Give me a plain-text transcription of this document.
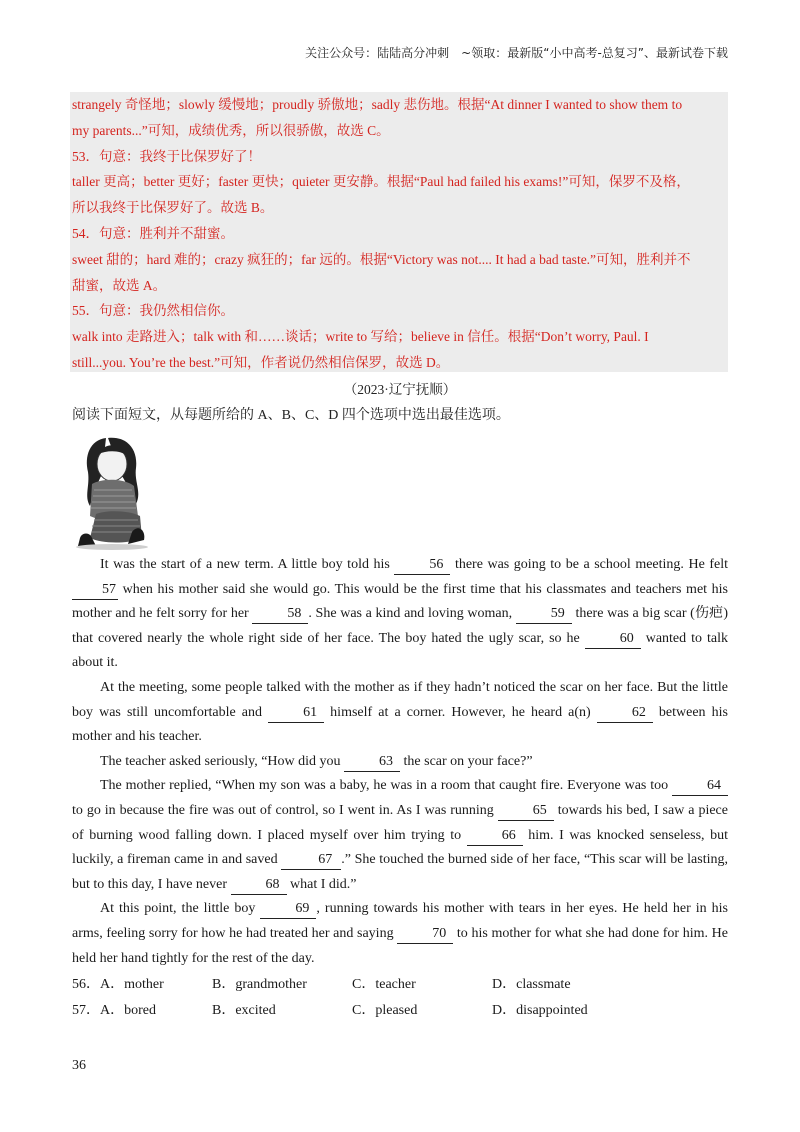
关注公众号：陆陆高分冲刺　~领取：最新版“小中高考-总复习”、最新试卷下载
strangely 奇怪地；slowly 缓慢地；proudly 骄傲地；sadly 悲伤地。根据“At dinner I wanted to show them to
my parents...”可知，成绩优秀，所以很骄傲，故选 C。
53．句意：我终于比保罗好了！
taller 更高；better 更好；faster 更快；quieter 更安静。根据“Paul had failed his exams!”可知，保罗不及格，
所以我终于比保罗好了。故选 B。
54．句意：胜利并不甜蜜。
sweet 甜的；hard 难的；crazy 疯狂的；far 远的。根据“Victory was not.... It had a bad taste.”可知，胜利并不
甜蜜，故选 A。
55．句意：我仍然相信你。
walk into 走路进入；talk with 和……谈话；write to 写给；believe in 信任。根据“Don’t worry, Paul. I
still...you. You’re the best.”可知，作者说仍然相信保罗，故选 D。
（2023·辽宁抚顺）
阅读下面短文，从每题所给的 A、B、C、D 四个选项中选出最佳选项。

It was the start of a new term. A little boy told his	56 there was going to be a school meeting. He felt 57 when his mother said she would go. This would be the first time that his classmates and teachers met his mother and he felt sorry for her	58 . She was a kind and loving woman,	59 there was a big scar (伤疤) that covered nearly the whole right side of her face. The boy hated the ugly scar, so he	60 wanted to talk about it.

At the meeting, some people talked with the mother as if they hadn’t noticed the scar on her face. But the little boy was still uncomfortable and	61 himself at a corner. However, he heard a(n)	62 between his mother and his teacher.

The teacher asked seriously, “How did you	63 the scar on your face?”

The mother replied, “When my son was a baby, he was in a room that caught fire. Everyone was too	64 to go in because the fire was out of control, so I went in. As I was running	65 towards his bed, I saw a piece of burning wood falling down. I placed myself over him trying to	66 him. I was knocked senseless, but luckily, a fireman came in and saved	67 .” She touched the burned side of her face, “This scar will be lasting, but to this day, I have never	68 what I did.”

At this point, the little boy	69 , running towards his mother with tears in her eyes. He held her in his arms, feeling sorry for how he had treated her and saying	70 to his mother for what she had done for him. He held her hand tightly for the rest of the day.

56． A．mother	B．grandmother	C．teacher	D．classmate
57． A．bored	B．excited	C．pleased	D．disappointed
36
